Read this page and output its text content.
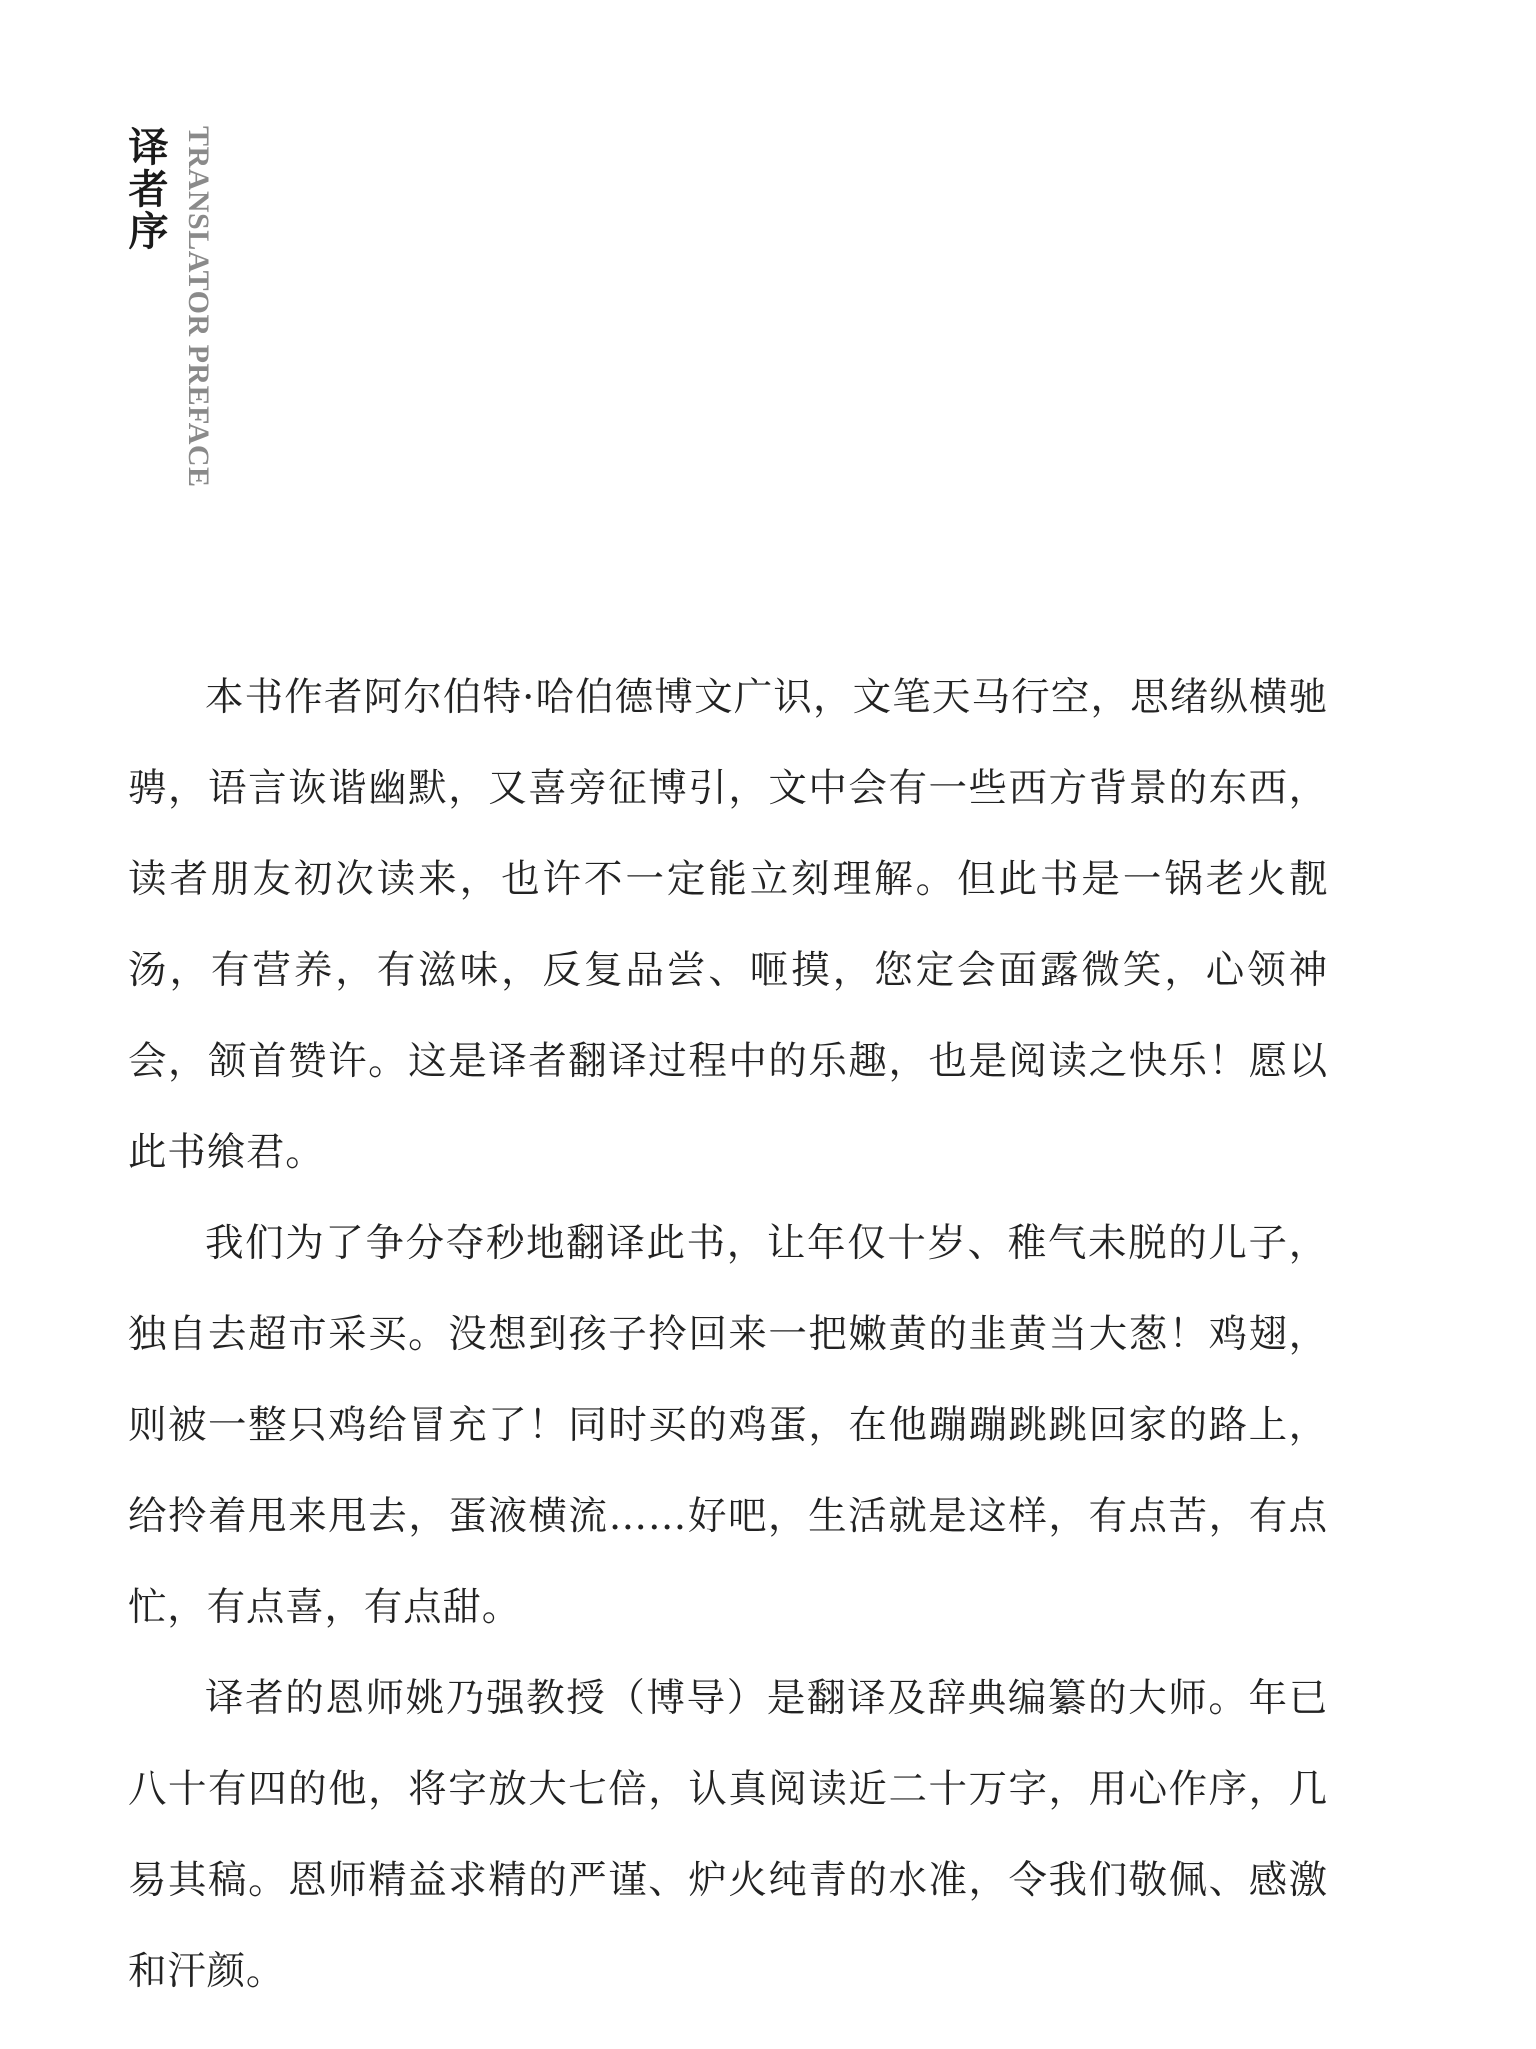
译者序 TRANSLATOR PREFACE

本书作者阿尔伯特·哈伯德博文广识，文笔天马行空，思绪纵横驰骋，语言诙谐幽默，又喜旁征博引，文中会有一些西方背景的东西，读者朋友初次读来，也许不一定能立刻理解。但此书是一锅老火靓汤，有营养，有滋味，反复品尝、咂摸，您定会面露微笑，心领神会，颔首赞许。这是译者翻译过程中的乐趣，也是阅读之快乐！愿以此书飨君。

我们为了争分夺秒地翻译此书，让年仅十岁、稚气未脱的儿子，独自去超市采买。没想到孩子拎回来一把嫩黄的韭黄当大葱！鸡翅，则被一整只鸡给冒充了！同时买的鸡蛋，在他蹦蹦跳跳回家的路上，给拎着甩来甩去，蛋液横流……好吧，生活就是这样，有点苦，有点忙，有点喜，有点甜。

译者的恩师姚乃强教授（博导）是翻译及辞典编纂的大师。年已八十有四的他，将字放大七倍，认真阅读近二十万字，用心作序，几易其稿。恩师精益求精的严谨、炉火纯青的水准，令我们敬佩、感激和汗颜。
